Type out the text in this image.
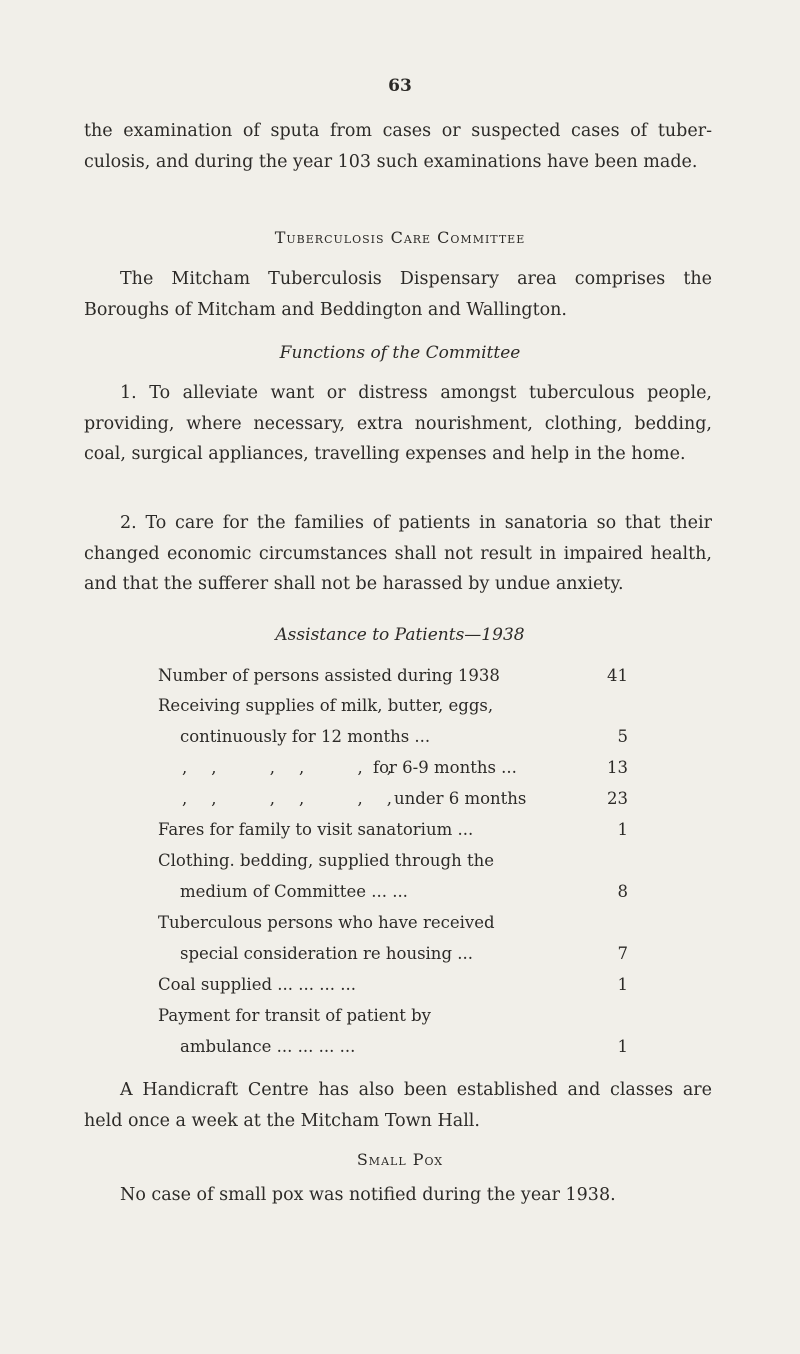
63

the examination of sputa from cases or suspected cases of tuberculosis, and during the year 103 such examinations have been made.

Tuberculosis Care Committee

The Mitcham Tuberculosis Dispensary area comprises the Boroughs of Mitcham and Beddington and Wallington.

Functions of the Committee

1. To alleviate want or distress amongst tuberculous people, providing, where necessary, extra nourishment, clothing, bedding, coal, surgical appliances, travelling expenses and help in the home.

2. To care for the families of patients in sanatoria so that their changed economic circumstances shall not result in impaired health, and that the sufferer shall not be harassed by undue anxiety.

Assistance to Patients—1938
Number of persons assisted during 1938	41
Receiving supplies of milk, butter, eggs,
continuously for 12 months ...	5
,, ,, ,,
for 6-9 months ...	13
,, ,, ,,
under 6 months	23
Fares for family to visit sanatorium ...	1
Clothing. bedding, supplied through the
medium of Committee ... ...	8
Tuberculous persons who have received
special consideration re housing ...	7
Coal supplied ... ... ... ...	1
Payment for transit of patient by
ambulance ... ... ... ...	1

A Handicraft Centre has also been established and classes are held once a week at the Mitcham Town Hall.

Small Pox

No case of small pox was notified during the year 1938.
